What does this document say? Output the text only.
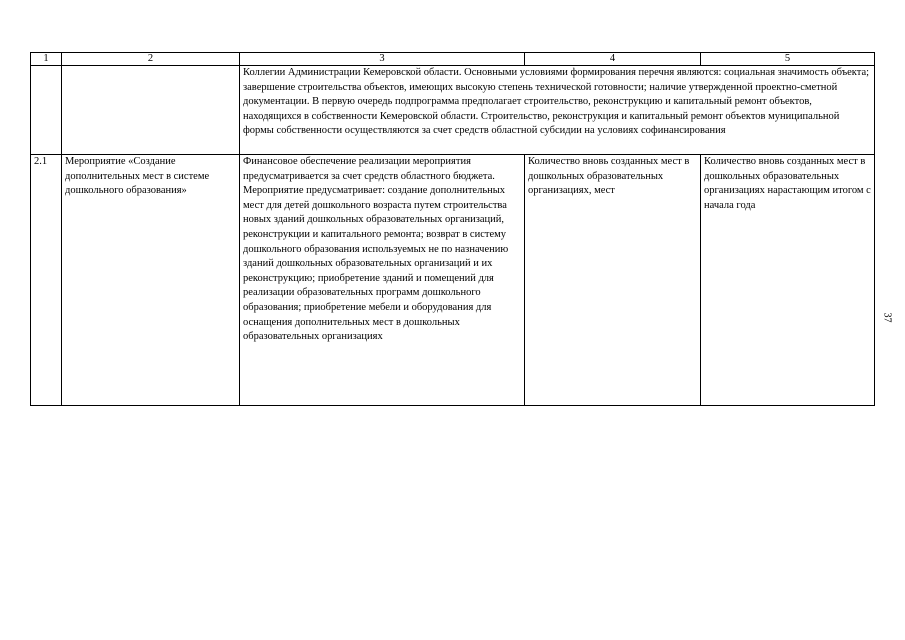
1	2	3	4	5
		Коллегии Администрации Кемеровской области. Основными условиями формирования перечня являются: социальная значимость объекта; завершение строительства объектов, имеющих высокую степень технической готовности; наличие утвержденной проектно-сметной документации. В первую очередь подпрограмма предполагает строительство, реконструкцию и капитальный ремонт объектов, находящихся в собственности Кемеровской области. Строительство, реконструкция и капитальный ремонт объектов муниципальной формы собственности осуществляются за счет средств областной субсидии на условиях софинансирования		
2.1	Мероприятие «Создание дополнительных мест в системе дошкольного образования»	Финансовое обеспечение реализации мероприятия предусматривается за счет средств областного бюджета. Мероприятие предусматривает: создание дополнительных мест для детей дошкольного возраста путем строительства новых зданий дошкольных образовательных организаций, реконструкции и капитального ремонта; возврат в систему дошкольного образования используемых не по назначению зданий дошкольных образовательных организаций и их реконструкцию; приобретение зданий и помещений для реализации образовательных программ дошкольного образования; приобретение мебели и оборудования для оснащения дополнительных мест в дошкольных образовательных организациях	Количество вновь созданных мест в дошкольных образовательных организациях, мест	Количество вновь созданных мест в дошкольных образовательных организациях нарастающим итогом с начала года
37
